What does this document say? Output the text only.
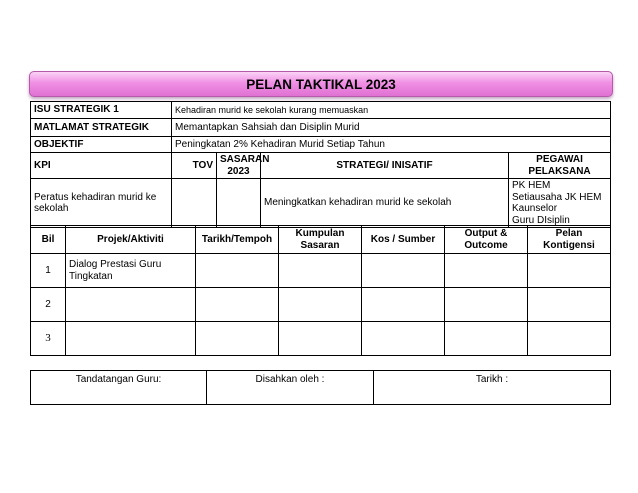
PELAN TAKTIKAL 2023
ISU STRATEGIK 1	Kehadiran murid ke sekolah kurang memuaskan			
MATLAMAT STRATEGIK	Memantapkan Sahsiah dan Disiplin Murid			
OBJEKTIF	Peningkatan 2% Kehadiran Murid Setiap Tahun			
KPI	TOV	SASARAN 2023	STRATEGI/ INISATIF	PEGAWAI PELAKSANA
Peratus kehadiran murid ke sekolah			Meningkatkan kehadiran murid ke sekolah	PK HEM
Setiausaha JK HEM
Kaunselor
Guru DIsiplin
Bil	Projek/Aktiviti	Tarikh/Tempoh	Kumpulan Sasaran	Kos / Sumber	Output & Outcome	Pelan Kontigensi
1	Dialog Prestasi Guru Tingkatan					
2						
3						
Tandatangan Guru:	Disahkan oleh :	Tarikh :
